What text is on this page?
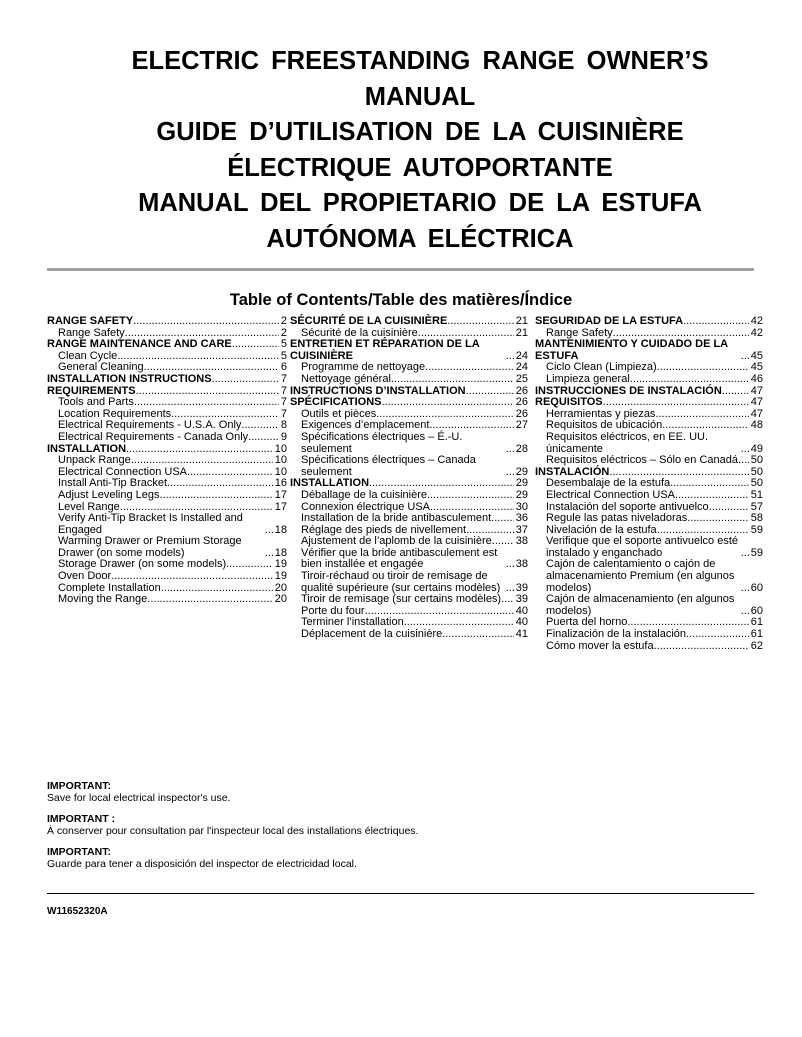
ELECTRIC FREESTANDING RANGE OWNER’S
MANUAL
GUIDE D’UTILISATION DE LA CUISINIÈRE
ÉLECTRIQUE AUTOPORTANTE
MANUAL DEL PROPIETARIO DE LA ESTUFA
AUTÓNOMA ELÉCTRICA
Table of Contents/Table des matières/Índice
RANGE SAFETY .....	2
Range Safety .....	2
RANGE MAINTENANCE AND CARE .....	5
Clean Cycle .....	5
General Cleaning .....	6
INSTALLATION INSTRUCTIONS .....	7
REQUIREMENTS .....	7
Tools and Parts .....	7
Location Requirements .....	7
Electrical Requirements - U.S.A. Only .....	8
Electrical Requirements - Canada Only .....	9
INSTALLATION .....	10
Unpack Range .....	10
Electrical Connection USA .....	10
Install Anti-Tip Bracket .....	16
Adjust Leveling Legs .....	17
Level Range .....	17
Verify Anti-Tip Bracket Is Installed and Engaged .....	18
Warming Drawer or Premium Storage Drawer (on some models) .....	18
Storage Drawer (on some models) .....	19
Oven Door .....	19
Complete Installation .....	20
Moving the Range .....	20
SÉCURITÉ DE LA CUISINIÈRE .....	21
Sécurité de la cuisinière .....	21
ENTRETIEN ET RÉPARATION DE LA CUISINIÈRE .....	24
Programme de nettoyage .....	24
Nettoyage général .....	25
INSTRUCTIONS D’INSTALLATION .....	26
SPÉCIFICATIONS .....	26
Outils et pièces .....	26
Exigences d’emplacement .....	27
Spécifications électriques – É.-U. seulement .....	28
Spécifications électriques – Canada seulement .....	29
INSTALLATION .....	29
Déballage de la cuisinière .....	29
Connexion électrique USA .....	30
Installation de la bride antibasculement ..... 36
Réglage des pieds de nivellement .....	37
Ajustement de l’aplomb de la cuisinière ..... 38
Vérifier que la bride antibasculement est bien installée et engagée .....	38
Tiroir-réchaud ou tiroir de remisage de qualité supérieure (sur certains modèles) .....	39
Tiroir de remisage (sur certains modèles) ..... 39
Porte du four .....	40
Terminer l’installation .....	40
Déplacement de la cuisinière .....	41
SEGURIDAD DE LA ESTUFA .....	42
Range Safety .....	42
MANTENIMIENTO Y CUIDADO DE LA ESTUFA .....	45
Ciclo Clean (Limpieza) .....	45
Limpieza general .....	46
INSTRUCCIONES DE INSTALACIÓN .....	47
REQUISITOS .....	47
Herramientas y piezas .....	47
Requisitos de ubicación .....	48
Requisitos eléctricos, en EE. UU. únicamente .....	49
Requisitos eléctricos – Sólo en Canadá ..... 50
INSTALACIÓN .....	50
Desembalaje de la estufa .....	50
Electrical Connection USA .....	51
Instalación del soporte antivuelco .....	57
Regule las patas niveladoras .....	58
Nivelación de la estufa .....	59
Verifique que el soporte antivuelco esté instalado y enganchado .....	59
Cajón de calentamiento o cajón de almacenamiento Premium (en algunos modelos) .....	60
Cajón de almacenamiento (en algunos modelos) .....	60
Puerta del horno .....	61
Finalización de la instalación .....	61
Cómo mover la estufa .....	62
IMPORTANT:
Save for local electrical inspector's use.
IMPORTANT :
À conserver pour consultation par l'inspecteur local des installations électriques.
IMPORTANT:
Guarde para tener a disposición del inspector de electricidad local.
W11652320A
